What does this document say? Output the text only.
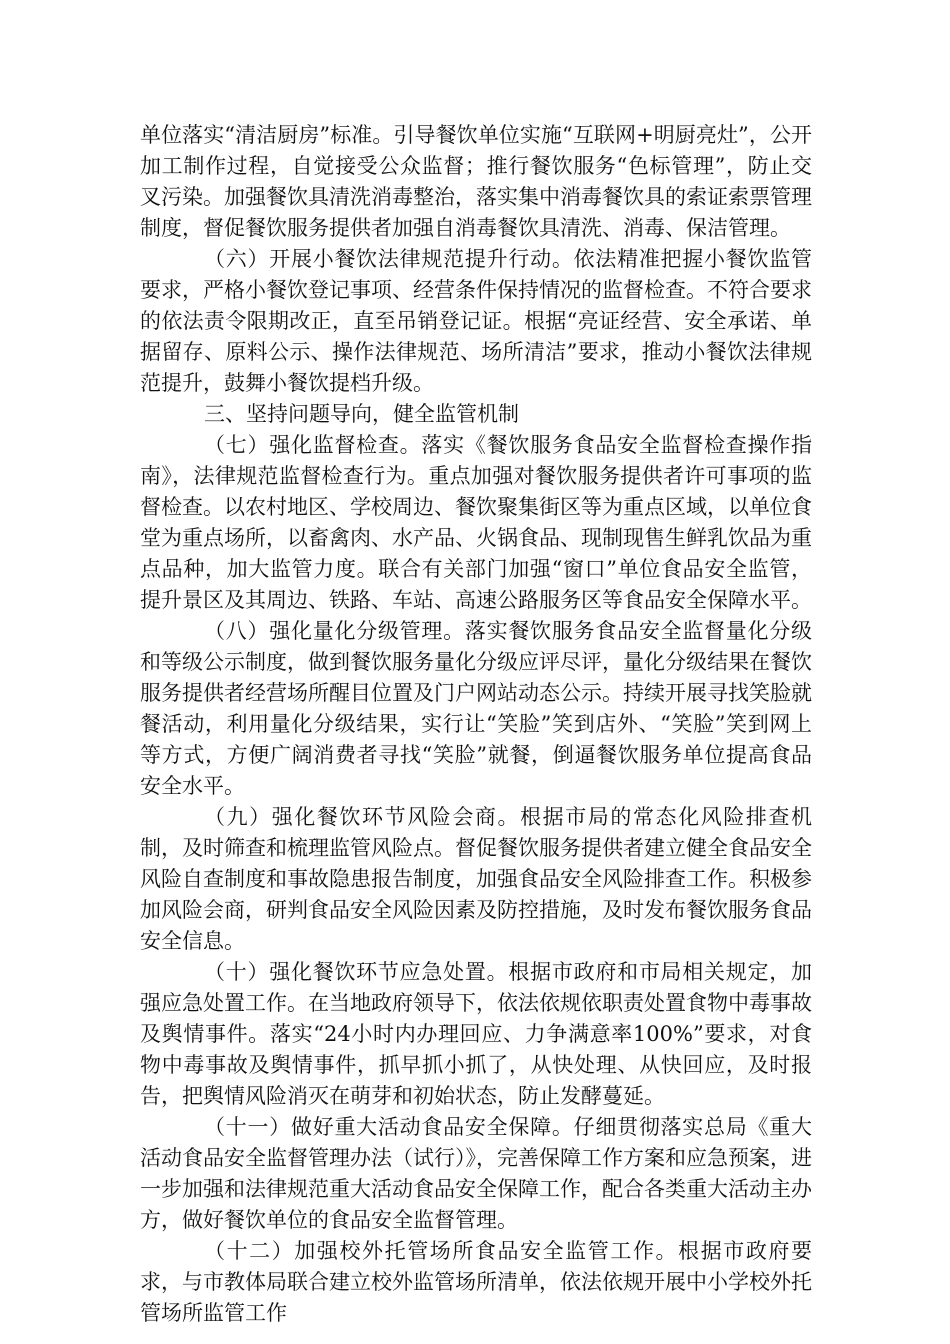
单位落实“清洁厨房”标准。引导餐饮单位实施“互联网+明厨亮灶”，公开加工制作过程，自觉接受公众监督；推行餐饮服务“色标管理”，防止交叉污染。加强餐饮具清洗消毒整治，落实集中消毒餐饮具的索证索票管理制度，督促餐饮服务提供者加强自消毒餐饮具清洗、消毒、保洁管理。

（六）开展小餐饮法律规范提升行动。依法精准把握小餐饮监管要求，严格小餐饮登记事项、经营条件保持情况的监督检查。不符合要求的依法责令限期改正，直至吊销登记证。根据“亮证经营、安全承诺、单据留存、原料公示、操作法律规范、场所清洁”要求，推动小餐饮法律规范提升，鼓舞小餐饮提档升级。

三、坚持问题导向，健全监管机制

（七）强化监督检查。落实《餐饮服务食品安全监督检查操作指南》，法律规范监督检查行为。重点加强对餐饮服务提供者许可事项的监督检查。以农村地区、学校周边、餐饮聚集街区等为重点区域，以单位食堂为重点场所，以畜禽肉、水产品、火锅食品、现制现售生鲜乳饮品为重点品种，加大监管力度。联合有关部门加强“窗口”单位食品安全监管，提升景区及其周边、铁路、车站、高速公路服务区等食品安全保障水平。

（八）强化量化分级管理。落实餐饮服务食品安全监督量化分级和等级公示制度，做到餐饮服务量化分级应评尽评，量化分级结果在餐饮服务提供者经营场所醒目位置及门户网站动态公示。持续开展寻找笑脸就餐活动，利用量化分级结果，实行让“笑脸”笑到店外、“笑脸”笑到网上等方式，方便广阔消费者寻找“笑脸”就餐，倒逼餐饮服务单位提高食品安全水平。

（九）强化餐饮环节风险会商。根据市局的常态化风险排查机制，及时筛查和梳理监管风险点。督促餐饮服务提供者建立健全食品安全风险自查制度和事故隐患报告制度，加强食品安全风险排查工作。积极参加风险会商，研判食品安全风险因素及防控措施，及时发布餐饮服务食品安全信息。

（十）强化餐饮环节应急处置。根据市政府和市局相关规定，加强应急处置工作。在当地政府领导下，依法依规依职责处置食物中毒事故及舆情事件。落实“24小时内办理回应、力争满意率100%”要求，对食物中毒事故及舆情事件，抓早抓小抓了，从快处理、从快回应，及时报告，把舆情风险消灭在萌芽和初始状态，防止发酵蔓延。

（十一）做好重大活动食品安全保障。仔细贯彻落实总局《重大活动食品安全监督管理办法（试行）》，完善保障工作方案和应急预案，进一步加强和法律规范重大活动食品安全保障工作，配合各类重大活动主办方，做好餐饮单位的食品安全监督管理。

（十二）加强校外托管场所食品安全监管工作。根据市政府要求，与市教体局联合建立校外监管场所清单，依法依规开展中小学校外托管场所监管工作
